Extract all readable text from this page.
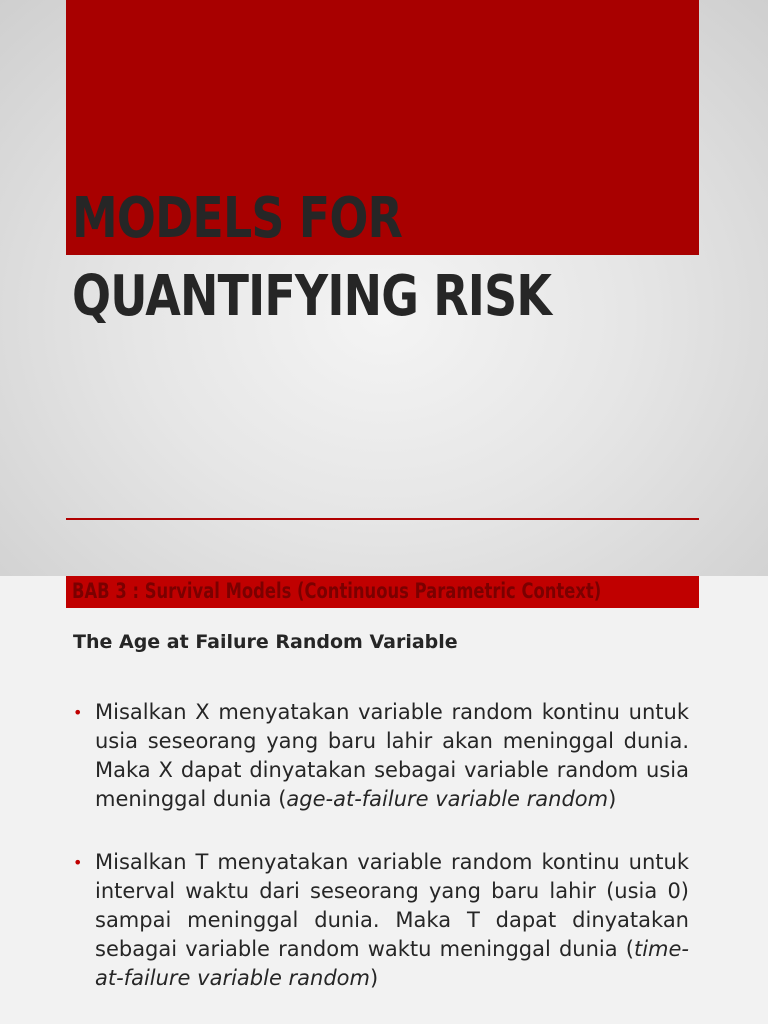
MODELS FOR
QUANTIFYING RISK
BAB 3 : Survival Models (Continuous Parametric Context)
The Age at Failure Random Variable
• Misalkan X menyatakan variable random kontinu untuk usia seseorang yang baru lahir akan meninggal dunia. Maka X dapat dinyatakan sebagai variable random usia meninggal dunia (age-at-failure variable random)
• Misalkan T menyatakan variable random kontinu untuk interval waktu dari seseorang yang baru lahir (usia 0) sampai meninggal dunia. Maka T dapat dinyatakan sebagai variable random waktu meninggal dunia (time-at-failure variable random)
